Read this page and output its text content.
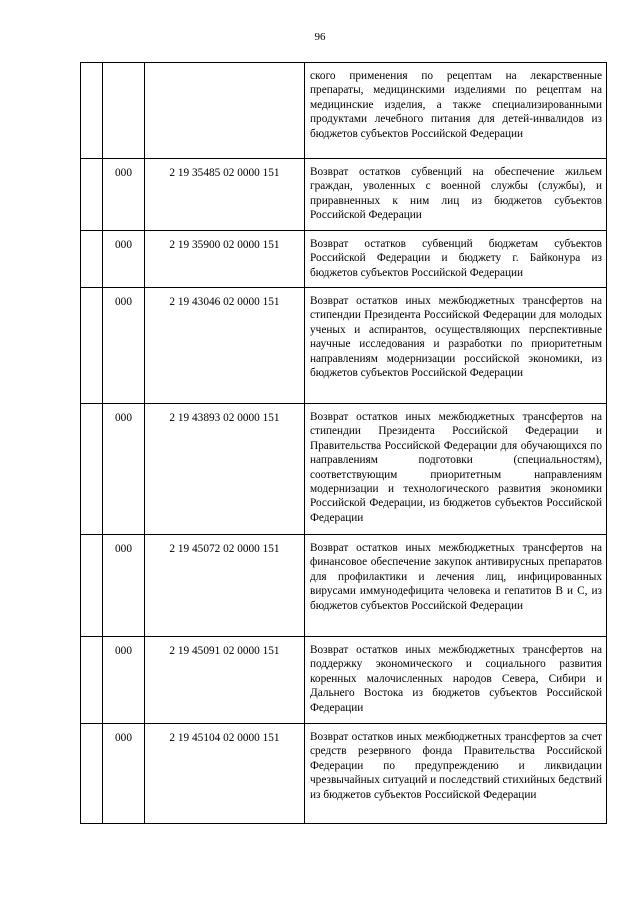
96

			ского применения по рецептам на лекарственные препараты, медицинскими изделиями по рецептам на медицинские изделия, а также специализированными продуктами лечебного питания для детей-инвалидов из бюджетов субъектов Российской Федерации

	000	2 19 35485 02 0000 151	Возврат остатков субвенций на обеспечение жильем граждан, уволенных с военной службы (службы), и приравненных к ним лиц из бюджетов субъектов Российской Федерации

	000	2 19 35900 02 0000 151	Возврат остатков субвенций бюджетам субъектов Российской Федерации и бюджету г. Байконура из бюджетов субъектов Российской Федерации

	000	2 19 43046 02 0000 151	Возврат остатков иных межбюджетных трансфертов на стипендии Президента Российской Федерации для молодых ученых и аспирантов, осуществляющих перспективные научные исследования и разработки по приоритетным направлениям модернизации российской экономики, из бюджетов субъектов Российской Федерации

	000	2 19 43893 02 0000 151	Возврат остатков иных межбюджетных трансфертов на стипендии Президента Российской Федерации и Правительства Российской Федерации для обучающихся по направлениям подготовки (специальностям), соответствующим приоритетным направлениям модернизации и технологического развития экономики Российской Федерации, из бюджетов субъектов Российской Федерации

	000	2 19 45072 02 0000 151	Возврат остатков иных межбюджетных трансфертов на финансовое обеспечение закупок антивирусных препаратов для профилактики и лечения лиц, инфицированных вирусами иммунодефицита человека и гепатитов B и C, из бюджетов субъектов Российской Федерации

	000	2 19 45091 02 0000 151	Возврат остатков иных межбюджетных трансфертов на поддержку экономического и социального развития коренных малочисленных народов Севера, Сибири и Дальнего Востока из бюджетов субъектов Российской Федерации

	000	2 19 45104 02 0000 151	Возврат остатков иных межбюджетных трансфертов за счет средств резервного фонда Правительства Российской Федерации по предупреждению и ликвидации чрезвычайных ситуаций и последствий стихийных бедствий из бюджетов субъектов Российской Федерации
